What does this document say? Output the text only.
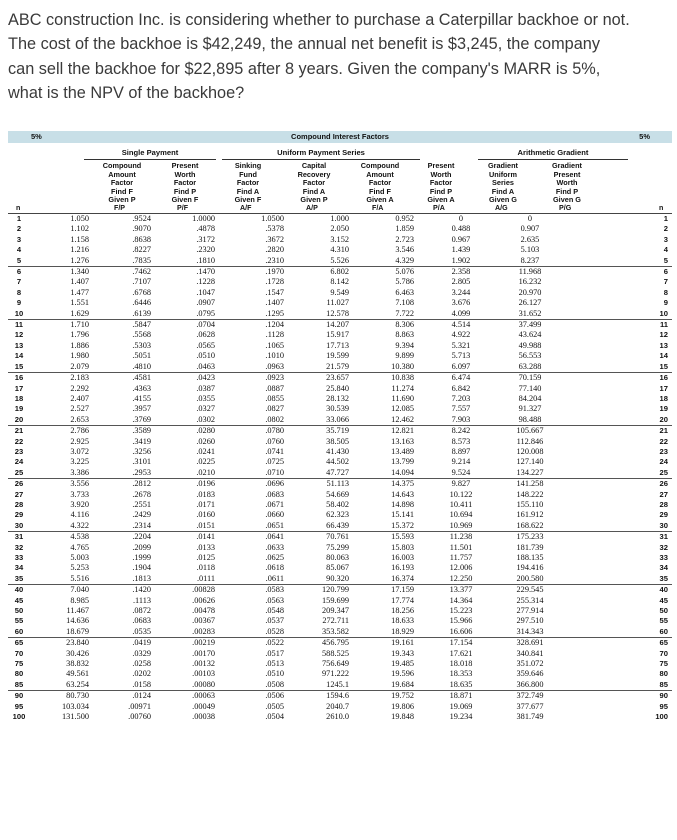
ABC construction Inc. is considering whether to purchase a Caterpillar backhoe or not.

The cost of the backhoe is $42,249, the annual net benefit is $3,245, the company

can sell the backhoe for $22,895 after 8 years. Given the company's MARR is 5%,

what is the NPV of the backhoe?

5%	Compound Interest Factors	5%
Single Payment	Uniform Payment Series	Arithmetic Gradient
Compound
Amount
Factor
Find F
Given P
Present
Worth
Factor
Find P
Given F
Sinking
Fund
Factor
Find A
Given F
Capital
Recovery
Factor
Find A
Given P
Compound
Amount
Factor
Find F
Given A
Present
Worth
Factor
Find P
Given A
Gradient
Uniform
Series
Find A
Given G
Gradient
Present
Worth
Find P
Given G
n	F/P	P/F	A/F	A/P	F/A	P/A	A/G	P/G	n
1	1.050	.9524	1.0000	1.0500	1.000	0.952	0	0	1
2	1.102	.9070	.4878	.5378	2.050	1.859	0.488	0.907	2
3	1.158	.8638	.3172	.3672	3.152	2.723	0.967	2.635	3
4	1.216	.8227	.2320	.2820	4.310	3.546	1.439	5.103	4
5	1.276	.7835	.1810	.2310	5.526	4.329	1.902	8.237	5
6	1.340	.7462	.1470	.1970	6.802	5.076	2.358	11.968	6
7	1.407	.7107	.1228	.1728	8.142	5.786	2.805	16.232	7
8	1.477	.6768	.1047	.1547	9.549	6.463	3.244	20.970	8
9	1.551	.6446	.0907	.1407	11.027	7.108	3.676	26.127	9
10	1.629	.6139	.0795	.1295	12.578	7.722	4.099	31.652	10
11	1.710	.5847	.0704	.1204	14.207	8.306	4.514	37.499	11
12	1.796	.5568	.0628	.1128	15.917	8.863	4.922	43.624	12
13	1.886	.5303	.0565	.1065	17.713	9.394	5.321	49.988	13
14	1.980	.5051	.0510	.1010	19.599	9.899	5.713	56.553	14
15	2.079	.4810	.0463	.0963	21.579	10.380	6.097	63.288	15
16	2.183	.4581	.0423	.0923	23.657	10.838	6.474	70.159	16
17	2.292	.4363	.0387	.0887	25.840	11.274	6.842	77.140	17
18	2.407	.4155	.0355	.0855	28.132	11.690	7.203	84.204	18
19	2.527	.3957	.0327	.0827	30.539	12.085	7.557	91.327	19
20	2.653	.3769	.0302	.0802	33.066	12.462	7.903	98.488	20
21	2.786	.3589	.0280	.0780	35.719	12.821	8.242	105.667	21
22	2.925	.3419	.0260	.0760	38.505	13.163	8.573	112.846	22
23	3.072	.3256	.0241	.0741	41.430	13.489	8.897	120.008	23
24	3.225	.3101	.0225	.0725	44.502	13.799	9.214	127.140	24
25	3.386	.2953	.0210	.0710	47.727	14.094	9.524	134.227	25
26	3.556	.2812	.0196	.0696	51.113	14.375	9.827	141.258	26
27	3.733	.2678	.0183	.0683	54.669	14.643	10.122	148.222	27
28	3.920	.2551	.0171	.0671	58.402	14.898	10.411	155.110	28
29	4.116	.2429	.0160	.0660	62.323	15.141	10.694	161.912	29
30	4.322	.2314	.0151	.0651	66.439	15.372	10.969	168.622	30
31	4.538	.2204	.0141	.0641	70.761	15.593	11.238	175.233	31
32	4.765	.2099	.0133	.0633	75.299	15.803	11.501	181.739	32
33	5.003	.1999	.0125	.0625	80.063	16.003	11.757	188.135	33
34	5.253	.1904	.0118	.0618	85.067	16.193	12.006	194.416	34
35	5.516	.1813	.0111	.0611	90.320	16.374	12.250	200.580	35
40	7.040	.1420	.00828	.0583	120.799	17.159	13.377	229.545	40
45	8.985	.1113	.00626	.0563	159.699	17.774	14.364	255.314	45
50	11.467	.0872	.00478	.0548	209.347	18.256	15.223	277.914	50
55	14.636	.0683	.00367	.0537	272.711	18.633	15.966	297.510	55
60	18.679	.0535	.00283	.0528	353.582	18.929	16.606	314.343	60
65	23.840	.0419	.00219	.0522	456.795	19.161	17.154	328.691	65
70	30.426	.0329	.00170	.0517	588.525	19.343	17.621	340.841	70
75	38.832	.0258	.00132	.0513	756.649	19.485	18.018	351.072	75
80	49.561	.0202	.00103	.0510	971.222	19.596	18.353	359.646	80
85	63.254	.0158	.00080	.0508	1245.1	19.684	18.635	366.800	85
90	80.730	.0124	.00063	.0506	1594.6	19.752	18.871	372.749	90
95	103.034	.00971	.00049	.0505	2040.7	19.806	19.069	377.677	95
100	131.500	.00760	.00038	.0504	2610.0	19.848	19.234	381.749	100
